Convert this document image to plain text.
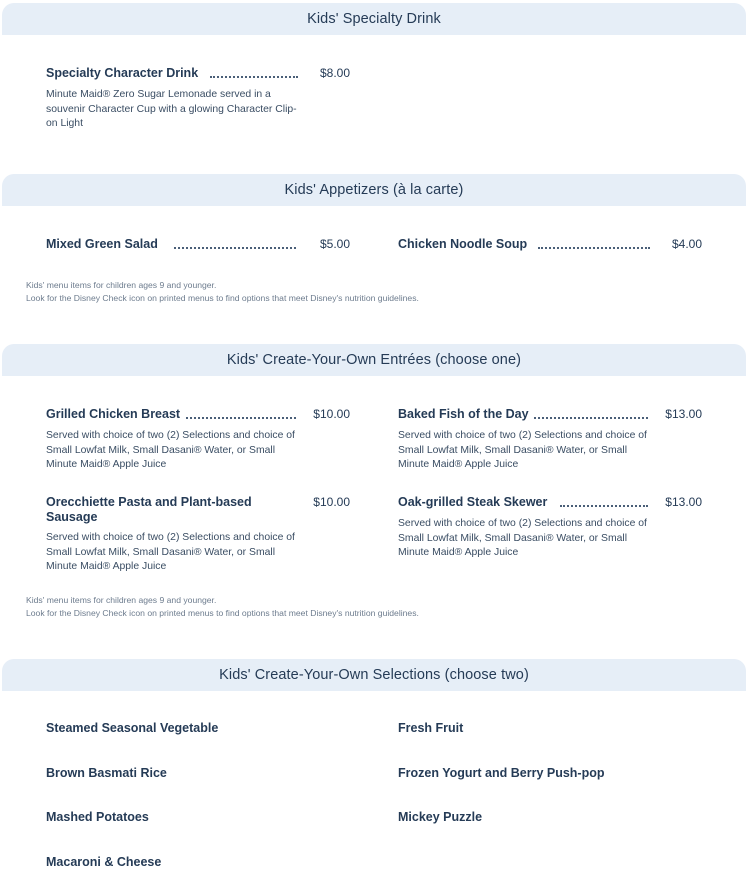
Kids' Specialty Drink
Specialty Character Drink	$8.00
Minute Maid® Zero Sugar Lemonade served in a souvenir Character Cup with a glowing Character Clip-on Light
Kids' Appetizers (à la carte)
Mixed Green Salad	$5.00	Chicken Noodle Soup	$4.00
Kids' menu items for children ages 9 and younger.
Look for the Disney Check icon on printed menus to find options that meet Disney's nutrition guidelines.
Kids' Create-Your-Own Entrées (choose one)
Grilled Chicken Breast	$10.00
Served with choice of two (2) Selections and choice of Small Lowfat Milk, Small Dasani® Water, or Small Minute Maid® Apple Juice
Baked Fish of the Day	$13.00
Served with choice of two (2) Selections and choice of Small Lowfat Milk, Small Dasani® Water, or Small Minute Maid® Apple Juice
Orecchiette Pasta and Plant-based Sausage
$10.00
Served with choice of two (2) Selections and choice of Small Lowfat Milk, Small Dasani® Water, or Small Minute Maid® Apple Juice
Oak-grilled Steak Skewer	$13.00
Served with choice of two (2) Selections and choice of Small Lowfat Milk, Small Dasani® Water, or Small Minute Maid® Apple Juice
Kids' menu items for children ages 9 and younger.
Look for the Disney Check icon on printed menus to find options that meet Disney's nutrition guidelines.
Kids' Create-Your-Own Selections (choose two)
Steamed Seasonal Vegetable	Fresh Fruit
Brown Basmati Rice	Frozen Yogurt and Berry Push-pop
Mashed Potatoes	Mickey Puzzle
Macaroni & Cheese
